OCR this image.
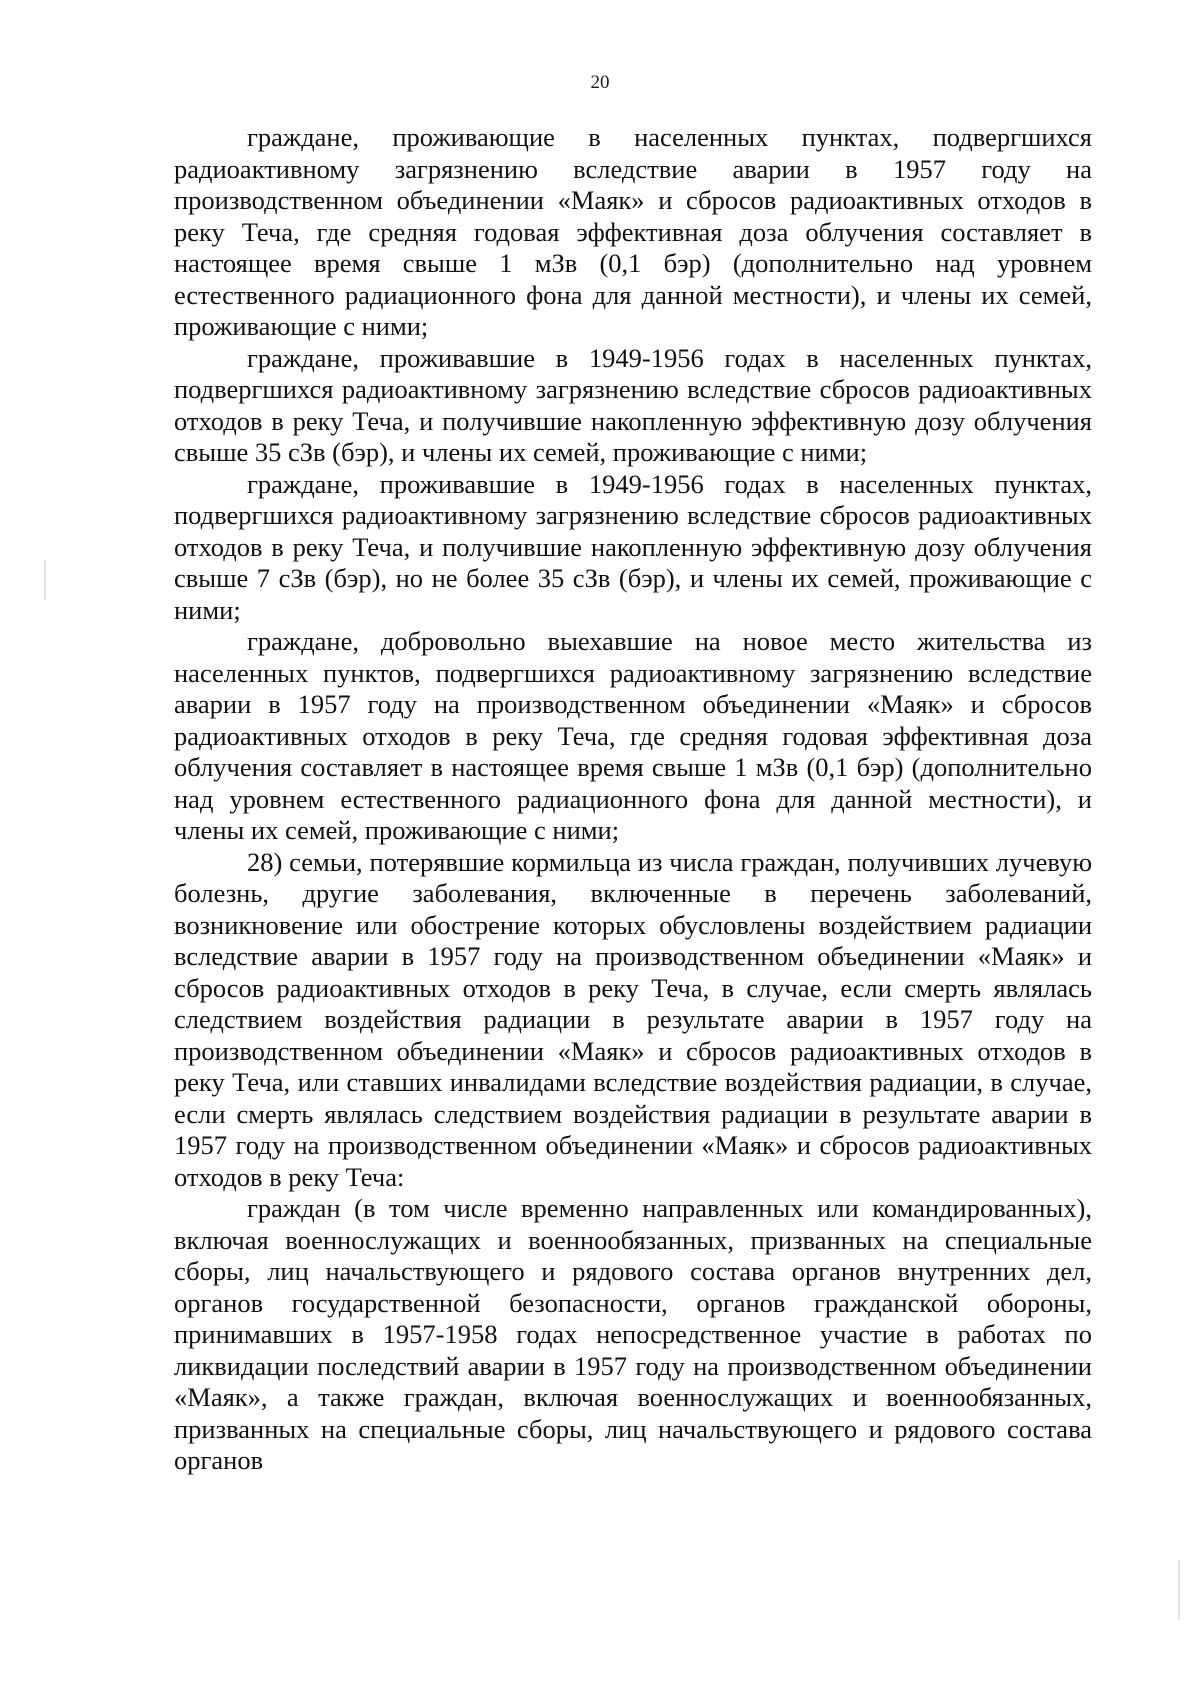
20

граждане, проживающие в населенных пунктах, подвергшихся радиоактивному загрязнению вследствие аварии в 1957 году на производственном объединении «Маяк» и сбросов радиоактивных отходов в реку Теча, где средняя годовая эффективная доза облучения составляет в настоящее время свыше 1 мЗв (0,1 бэр) (дополнительно над уровнем естественного радиационного фона для данной местности), и члены их семей, проживающие с ними;

граждане, проживавшие в 1949-1956 годах в населенных пунктах, подвергшихся радиоактивному загрязнению вследствие сбросов радиоактивных отходов в реку Теча, и получившие накопленную эффективную дозу облучения свыше 35 сЗв (бэр), и члены их семей, проживающие с ними;

граждане, проживавшие в 1949-1956 годах в населенных пунктах, подвергшихся радиоактивному загрязнению вследствие сбросов радиоактивных отходов в реку Теча, и получившие накопленную эффективную дозу облучения свыше 7 сЗв (бэр), но не более 35 сЗв (бэр), и члены их семей, проживающие с ними;

граждане, добровольно выехавшие на новое место жительства из населенных пунктов, подвергшихся радиоактивному загрязнению вследствие аварии в 1957 году на производственном объединении «Маяк» и сбросов радиоактивных отходов в реку Теча, где средняя годовая эффективная доза облучения составляет в настоящее время свыше 1 мЗв (0,1 бэр) (дополнительно над уровнем естественного радиационного фона для данной местности), и члены их семей, проживающие с ними;

28) семьи, потерявшие кормильца из числа граждан, получивших лучевую болезнь, другие заболевания, включенные в перечень заболеваний, возникновение или обострение которых обусловлены воздействием радиации вследствие аварии в 1957 году на производственном объединении «Маяк» и сбросов радиоактивных отходов в реку Теча, в случае, если смерть являлась следствием воздействия радиации в результате аварии в 1957 году на производственном объединении «Маяк» и сбросов радиоактивных отходов в реку Теча, или ставших инвалидами вследствие воздействия радиации, в случае, если смерть являлась следствием воздействия радиации в результате аварии в 1957 году на производственном объединении «Маяк» и сбросов радиоактивных отходов в реку Теча:

граждан (в том числе временно направленных или командированных), включая военнослужащих и военнообязанных, призванных на специальные сборы, лиц начальствующего и рядового состава органов внутренних дел, органов государственной безопасности, органов гражданской обороны, принимавших в 1957-1958 годах непосредственное участие в работах по ликвидации последствий аварии в 1957 году на производственном объединении «Маяк», а также граждан, включая военнослужащих и военнообязанных, призванных на специальные сборы, лиц начальствующего и рядового состава органов
